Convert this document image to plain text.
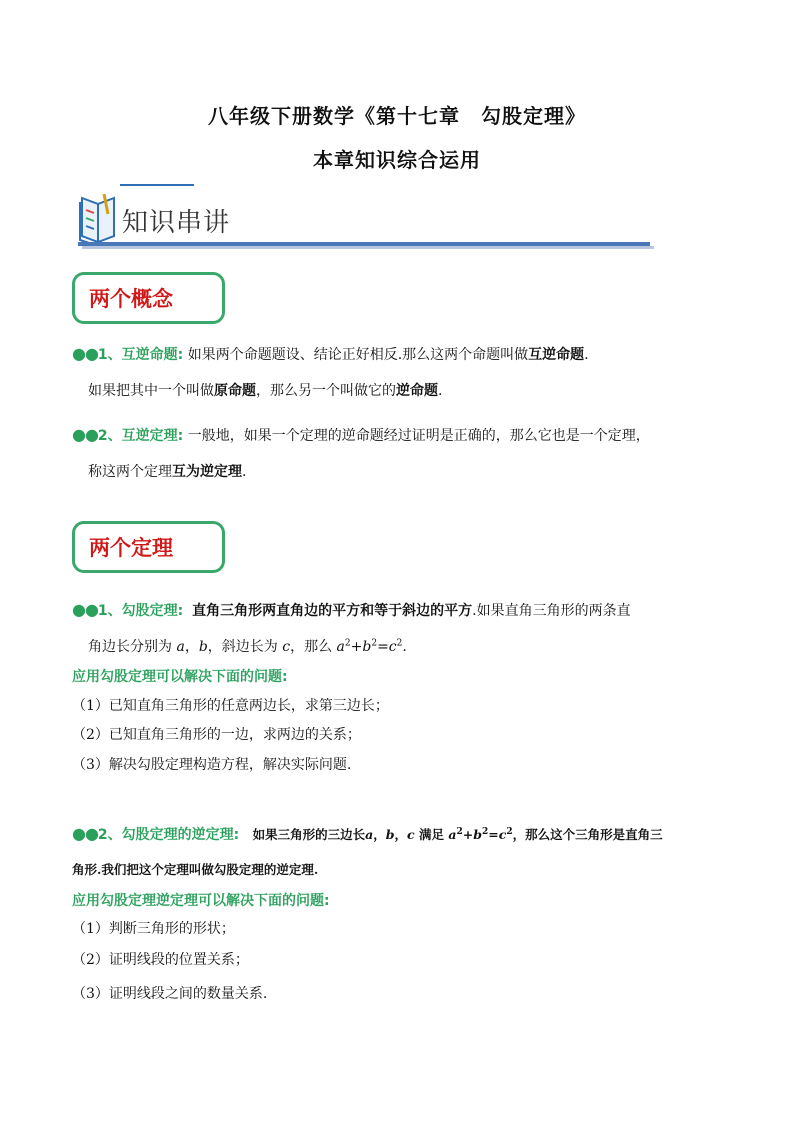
八年级下册数学《第十七章　勾股定理》
本章知识综合运用
知识串讲
两个概念
●●1、互逆命题: 如果两个命题题设、结论正好相反.那么这两个命题叫做互逆命题.
如果把其中一个叫做原命题，那么另一个叫做它的逆命题.
●●2、互逆定理: 一般地，如果一个定理的逆命题经过证明是正确的，那么它也是一个定理，
称这两个定理互为逆定理.
两个定理
●●1、勾股定理: 直角三角形两直角边的平方和等于斜边的平方.如果直角三角形的两条直
角边长分别为 a，b，斜边长为 c，那么 $a^2+b^2=c^2$.
应用勾股定理可以解决下面的问题:
（1）已知直角三角形的任意两边长，求第三边长；
（2）已知直角三角形的一边，求两边的关系；
（3）解决勾股定理构造方程，解决实际问题.
●●2、勾股定理的逆定理: 如果三角形的三边长a，b，c 满足 $a^2+b^2=c^2$，那么这个三角形是直角三
角形.我们把这个定理叫做勾股定理的逆定理.
应用勾股定理逆定理可以解决下面的问题:
（1）判断三角形的形状；
（2）证明线段的位置关系；
（3）证明线段之间的数量关系.
